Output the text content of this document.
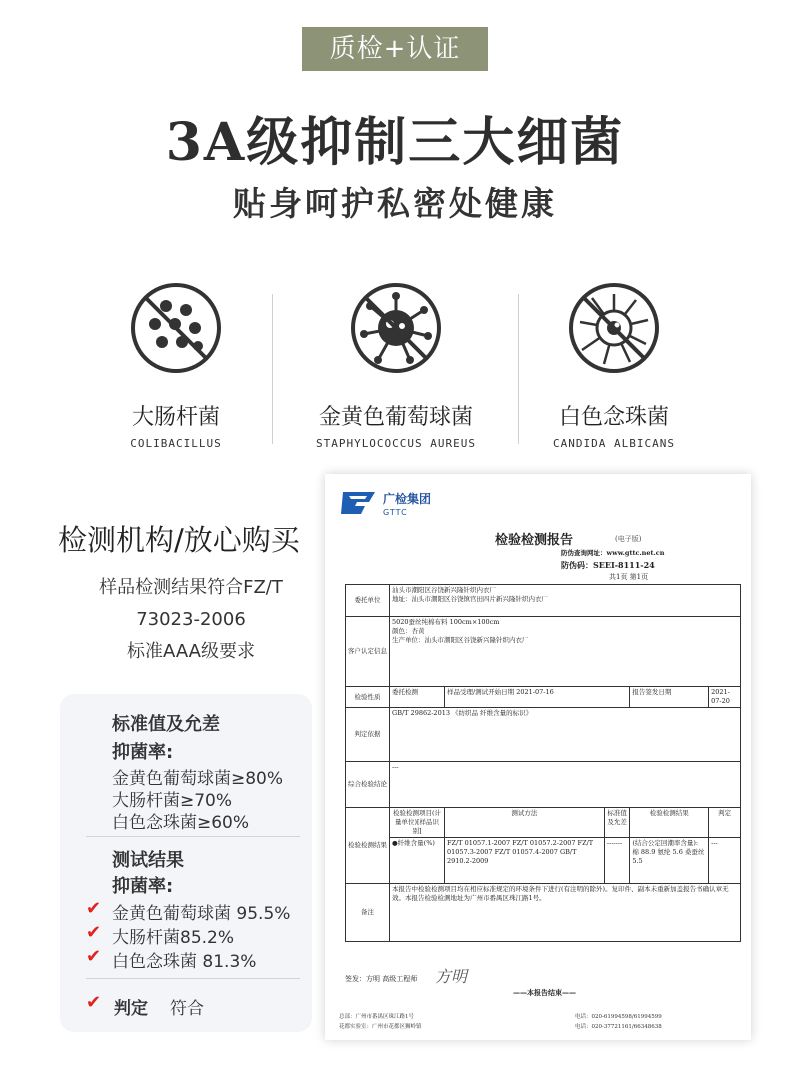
质检+认证
3A级抑制三大细菌
贴身呵护私密处健康
大肠杆菌
COLIBACILLUS
金黄色葡萄球菌
STAPHYLOCOCCUS AUREUS
白色念珠菌
CANDIDA ALBICANS
检测机构/放心购买
样品检测结果符合FZ/T
73023-2006
标准AAA级要求
标准值及允差
抑菌率:
金黄色葡萄球菌≥80%
大肠杆菌≥70%
白色念珠菌≥60%
测试结果
抑菌率:
✔ 金黄色葡萄球菌 95.5%
✔ 大肠杆菌85.2%
✔ 白色念珠菌 81.3%
✔ 判定 符合
广检集团
GTTC
检验检测报告	(电子版)
防伪查询网址：www.gttc.net.cn
防伪码：SEEI-8111-24
共1页 第1页
委托单位	汕头市潮阳区谷饶新兴隆针织内衣厂
地址：汕头市潮阳区谷饶镇官田四片新兴隆针织内衣厂				

客户认定信息	5020蚕丝纯棉布料 100cm×100cm
颜色：杏黄
生产单位：汕头市潮阳区谷饶新兴隆针织内衣厂				

检验性质	委托检测	样品受理/测试开始日期 2021-07-16		报告签发日期	2021-07-20
判定依据	GB/T 29862-2013 《纺织品 纤维含量的标识》				
综合检验结论	---				
检验检测结果	检验检测项目(计量单位)[样品识别]	测试方法	标准值及允差	检验检测结果	判定
	●纤维含量(%)	FZ/T 01057.1-2007 FZ/T 01057.2-2007 FZ/T 01057.3-2007 FZ/T 01057.4-2007 GB/T 2910.2-2009	-------	(结合公定回潮率含量): 棉 88.9 氨纶 5.6 桑蚕丝 5.5	---
备注	本报告中检验检测项目均在相应标准规定的环境条件下进行(有注明的除外)。复印件、副本未重新加盖报告书确认章无效。本报告检验检测地址为广州市番禺区珠江路1号。				
签发：方明 高级工程师 方明
——本报告结束——
总部：广州市番禺区珠江路1号
花都实验室：广州市花都区狮岭镇
电话：020-61994598/61994599
电话：020-37721161/66348638
